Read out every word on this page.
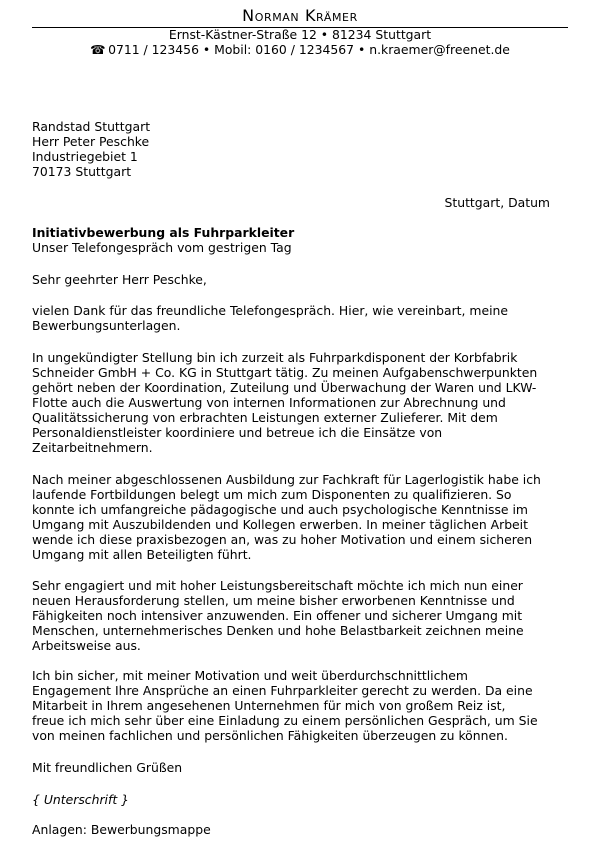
Norman Krämer
Ernst-Kästner-Straße 12 • 81234 Stuttgart
☎ 0711 / 123456 • Mobil: 0160 / 1234567 • n.kraemer@freenet.de
Randstad Stuttgart
Herr Peter Peschke
Industriegebiet 1
70173 Stuttgart
Stuttgart, Datum
Initiativbewerbung als Fuhrparkleiter
Unser Telefongespräch vom gestrigen Tag
Sehr geehrter Herr Peschke,
vielen Dank für das freundliche Telefongespräch. Hier, wie vereinbart, meine
Bewerbungsunterlagen.
In ungekündigter Stellung bin ich zurzeit als Fuhrparkdisponent der Korbfabrik
Schneider GmbH + Co. KG in Stuttgart tätig. Zu meinen Aufgabenschwerpunkten
gehört neben der Koordination, Zuteilung und Überwachung der Waren und LKW-
Flotte auch die Auswertung von internen Informationen zur Abrechnung und
Qualitätssicherung von erbrachten Leistungen externer Zulieferer. Mit dem
Personaldienstleister koordiniere und betreue ich die Einsätze von
Zeitarbeitnehmern.
Nach meiner abgeschlossenen Ausbildung zur Fachkraft für Lagerlogistik habe ich
laufende Fortbildungen belegt um mich zum Disponenten zu qualifizieren. So
konnte ich umfangreiche pädagogische und auch psychologische Kenntnisse im
Umgang mit Auszubildenden und Kollegen erwerben. In meiner täglichen Arbeit
wende ich diese praxisbezogen an, was zu hoher Motivation und einem sicheren
Umgang mit allen Beteiligten führt.
Sehr engagiert und mit hoher Leistungsbereitschaft möchte ich mich nun einer
neuen Herausforderung stellen, um meine bisher erworbenen Kenntnisse und
Fähigkeiten noch intensiver anzuwenden. Ein offener und sicherer Umgang mit
Menschen, unternehmerisches Denken und hohe Belastbarkeit zeichnen meine
Arbeitsweise aus.
Ich bin sicher, mit meiner Motivation und weit überdurchschnittlichem
Engagement Ihre Ansprüche an einen Fuhrparkleiter gerecht zu werden. Da eine
Mitarbeit in Ihrem angesehenen Unternehmen für mich von großem Reiz ist,
freue ich mich sehr über eine Einladung zu einem persönlichen Gespräch, um Sie
von meinen fachlichen und persönlichen Fähigkeiten überzeugen zu können.
Mit freundlichen Grüßen
{ Unterschrift }
Anlagen: Bewerbungsmappe
